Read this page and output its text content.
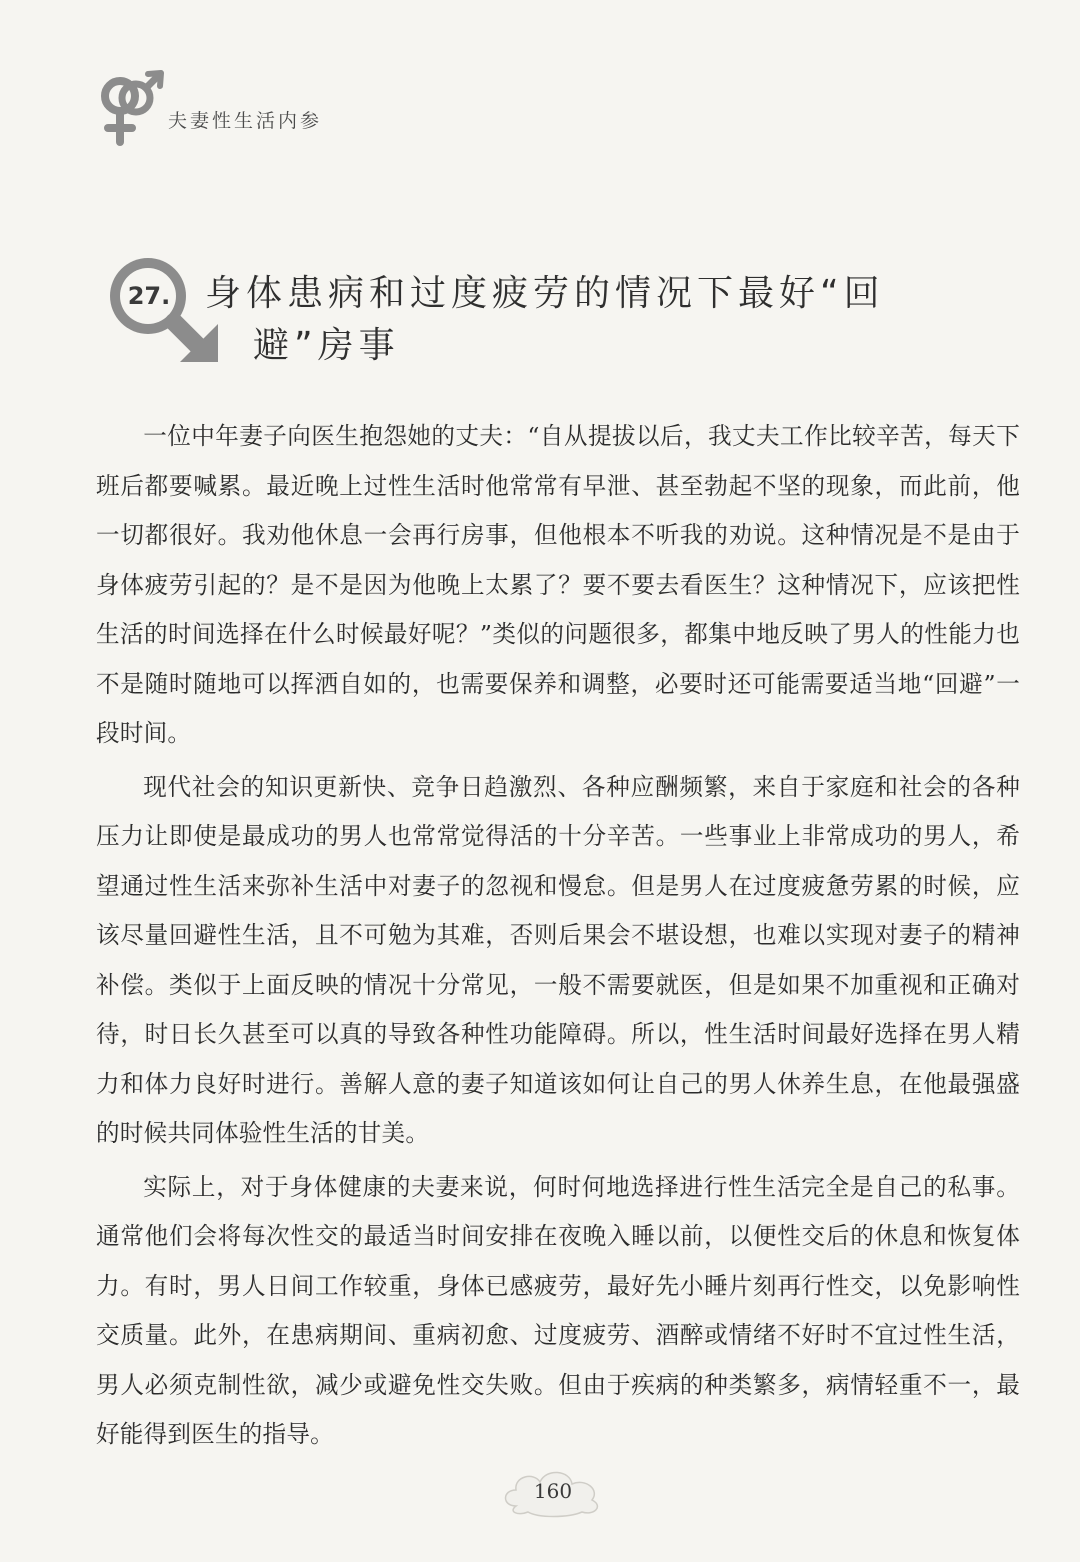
夫妻性生活内参
27. 身体患病和过度疲劳的情况下最好“回
避”房事

一位中年妻子向医生抱怨她的丈夫：“自从提拔以后，我丈夫工作比较辛苦，每天下班后都要喊累。最近晚上过性生活时他常常有早泄、甚至勃起不坚的现象，而此前，他一切都很好。我劝他休息一会再行房事，但他根本不听我的劝说。这种情况是不是由于身体疲劳引起的？是不是因为他晚上太累了？要不要去看医生？这种情况下，应该把性生活的时间选择在什么时候最好呢？”类似的问题很多，都集中地反映了男人的性能力也不是随时随地可以挥洒自如的，也需要保养和调整，必要时还可能需要适当地“回避”一段时间。

现代社会的知识更新快、竞争日趋激烈、各种应酬频繁，来自于家庭和社会的各种压力让即使是最成功的男人也常常觉得活的十分辛苦。一些事业上非常成功的男人，希望通过性生活来弥补生活中对妻子的忽视和慢怠。但是男人在过度疲惫劳累的时候，应该尽量回避性生活，且不可勉为其难，否则后果会不堪设想，也难以实现对妻子的精神补偿。类似于上面反映的情况十分常见，一般不需要就医，但是如果不加重视和正确对待，时日长久甚至可以真的导致各种性功能障碍。所以，性生活时间最好选择在男人精力和体力良好时进行。善解人意的妻子知道该如何让自己的男人休养生息，在他最强盛的时候共同体验性生活的甘美。

实际上，对于身体健康的夫妻来说，何时何地选择进行性生活完全是自己的私事。通常他们会将每次性交的最适当时间安排在夜晚入睡以前，以便性交后的休息和恢复体力。有时，男人日间工作较重，身体已感疲劳，最好先小睡片刻再行性交，以免影响性交质量。此外，在患病期间、重病初愈、过度疲劳、酒醉或情绪不好时不宜过性生活，男人必须克制性欲，减少或避免性交失败。但由于疾病的种类繁多，病情轻重不一，最好能得到医生的指导。

160
